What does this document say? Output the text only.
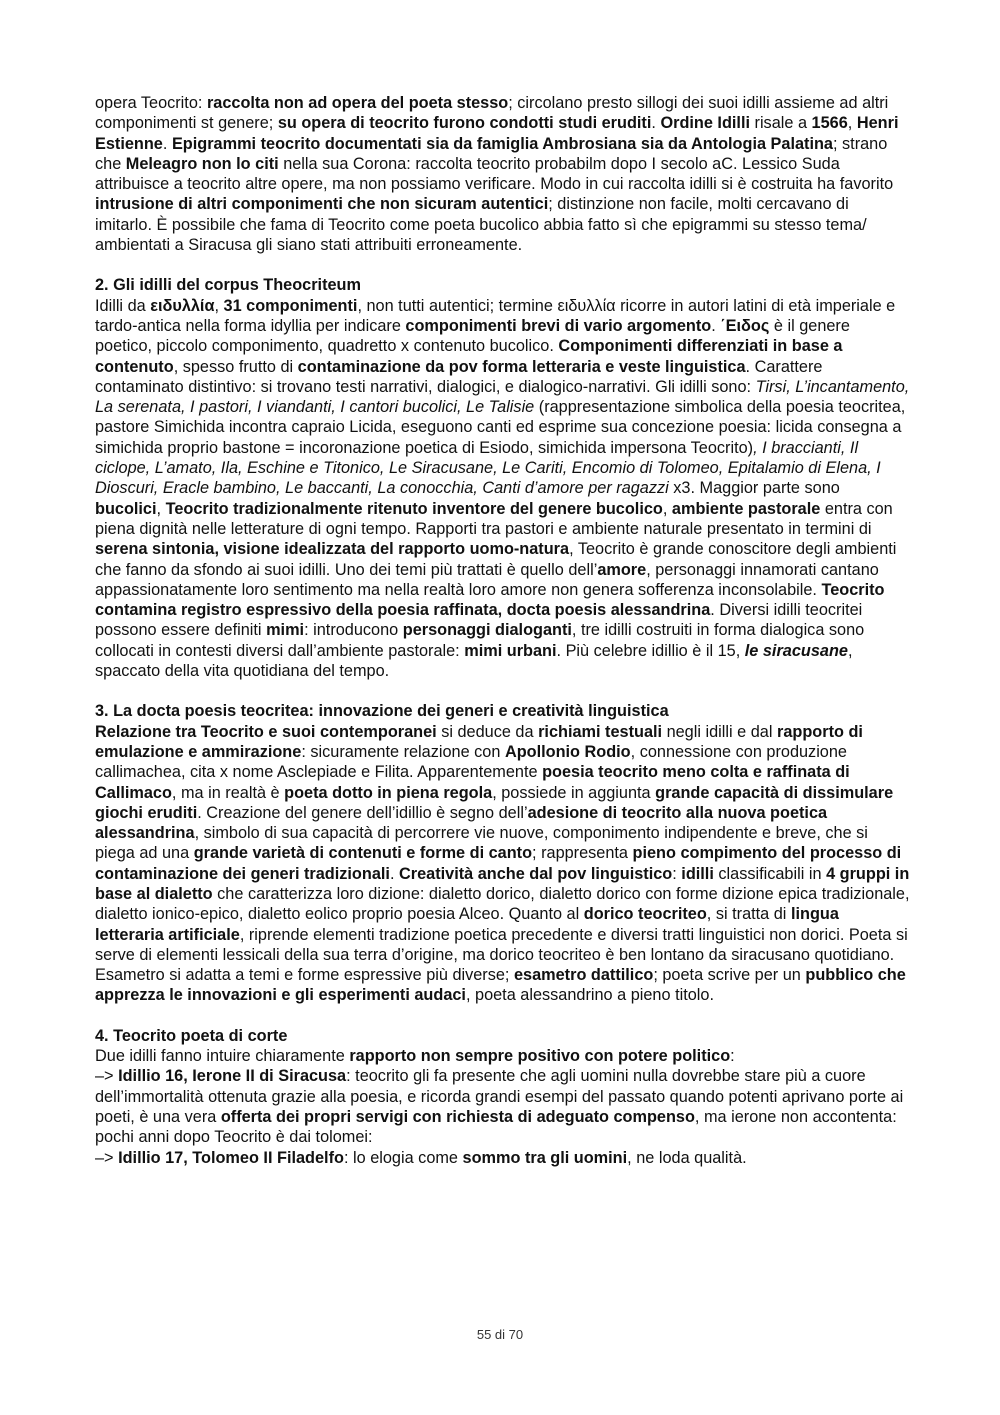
opera Teocrito: raccolta non ad opera del poeta stesso; circolano presto sillogi dei suoi idilli assieme ad altri componimenti st genere; su opera di teocrito furono condotti studi eruditi. Ordine Idilli risale a 1566, Henri Estienne. Epigrammi teocrito documentati sia da famiglia Ambrosiana sia da Antologia Palatina; strano che Meleagro non lo citi nella sua Corona: raccolta teocrito probabilm dopo I secolo aC. Lessico Suda attribuisce a teocrito altre opere, ma non possiamo verificare. Modo in cui raccolta idilli si è costruita ha favorito intrusione di altri componimenti che non sicuram autentici; distinzione non facile, molti cercavano di imitarlo. È possibile che fama di Teocrito come poeta bucolico abbia fatto sì che epigrammi su stesso tema/ ambientati a Siracusa gli siano stati attribuiti erroneamente.

2. Gli idilli del corpus Theocriteum

Idilli da ειδυλλία, 31 componimenti, non tutti autentici; termine ειδυλλία ricorre in autori latini di età imperiale e tardo-antica nella forma idyllia per indicare componimenti brevi di vario argomento. ΄Ειδος è il genere poetico, piccolo componimento, quadretto x contenuto bucolico. Componimenti differenziati in base a contenuto, spesso frutto di contaminazione da pov forma letteraria e veste linguistica. Carattere contaminato distintivo: si trovano testi narrativi, dialogici, e dialogico-narrativi. Gli idilli sono: Tirsi, L’incantamento, La serenata, I pastori, I viandanti, I cantori bucolici, Le Talisie (rappresentazione simbolica della poesia teocritea, pastore Simichida incontra capraio Licida, eseguono canti ed esprime sua concezione poesia: licida consegna a simichida proprio bastone = incoronazione poetica di Esiodo, simichida impersona Teocrito), I braccianti, Il ciclope, L’amato, Ila, Eschine e Titonico, Le Siracusane, Le Cariti, Encomio di Tolomeo, Epitalamio di Elena, I Dioscuri, Eracle bambino, Le baccanti, La conocchia, Canti d’amore per ragazzi x3. Maggior parte sono bucolici, Teocrito tradizionalmente ritenuto inventore del genere bucolico, ambiente pastorale entra con piena dignità nelle letterature di ogni tempo. Rapporti tra pastori e ambiente naturale presentato in termini di serena sintonia, visione idealizzata del rapporto uomo-natura, Teocrito è grande conoscitore degli ambienti che fanno da sfondo ai suoi idilli. Uno dei temi più trattati è quello dell’amore, personaggi innamorati cantano appassionatamente loro sentimento ma nella realtà loro amore non genera sofferenza inconsolabile. Teocrito contamina registro espressivo della poesia raffinata, docta poesis alessandrina. Diversi idilli teocritei possono essere definiti mimi: introducono personaggi dialoganti, tre idilli costruiti in forma dialogica sono collocati in contesti diversi dall’ambiente pastorale: mimi urbani. Più celebre idillio è il 15, le siracusane, spaccato della vita quotidiana del tempo.

3. La docta poesis teocritea: innovazione dei generi e creatività linguistica

Relazione tra Teocrito e suoi contemporanei si deduce da richiami testuali negli idilli e dal rapporto di emulazione e ammirazione: sicuramente relazione con Apollonio Rodio, connessione con produzione callimachea, cita x nome Asclepiade e Filita. Apparentemente poesia teocrito meno colta e raffinata di Callimaco, ma in realtà è poeta dotto in piena regola, possiede in aggiunta grande capacità di dissimulare giochi eruditi. Creazione del genere dell’idillio è segno dell’adesione di teocrito alla nuova poetica alessandrina, simbolo di sua capacità di percorrere vie nuove, componimento indipendente e breve, che si piega ad una grande varietà di contenuti e forme di canto; rappresenta pieno compimento del processo di contaminazione dei generi tradizionali. Creatività anche dal pov linguistico: idilli classificabili in 4 gruppi in base al dialetto che caratterizza loro dizione: dialetto dorico, dialetto dorico con forme dizione epica tradizionale, dialetto ionico-epico, dialetto eolico proprio poesia Alceo. Quanto al dorico teocriteo, si tratta di lingua letteraria artificiale, riprende elementi tradizione poetica precedente e diversi tratti linguistici non dorici. Poeta si serve di elementi lessicali della sua terra d’origine, ma dorico teocriteo è ben lontano da siracusano quotidiano. Esametro si adatta a temi e forme espressive più diverse; esametro dattilico; poeta scrive per un pubblico che apprezza le innovazioni e gli esperimenti audaci, poeta alessandrino a pieno titolo.

4. Teocrito poeta di corte

Due idilli fanno intuire chiaramente rapporto non sempre positivo con potere politico:

–> Idillio 16, Ierone II di Siracusa: teocrito gli fa presente che agli uomini nulla dovrebbe stare più a cuore dell’immortalità ottenuta grazie alla poesia, e ricorda grandi esempi del passato quando potenti aprivano porte ai poeti, è una vera offerta dei propri servigi con richiesta di adeguato compenso, ma ierone non accontenta: pochi anni dopo Teocrito è dai tolomei:

–> Idillio 17, Tolomeo II Filadelfo: lo elogia come sommo tra gli uomini, ne loda qualità.

55 di 70
